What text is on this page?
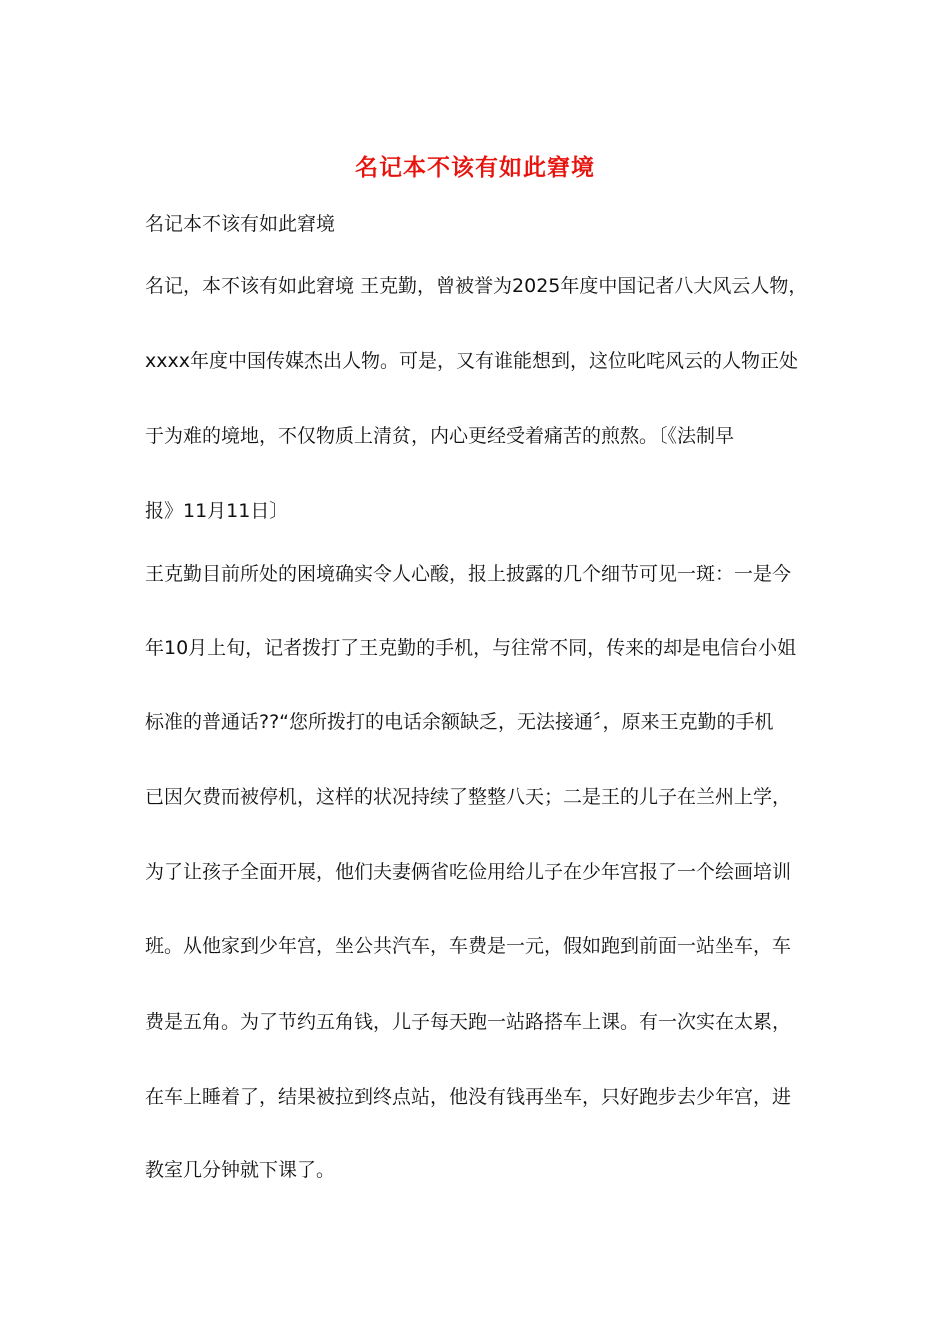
名记本不该有如此窘境
名记本不该有如此窘境
名记，本不该有如此窘境 王克勤，曾被誉为2025年度中国记者八大风云人物，
xxxx年度中国传媒杰出人物。可是，又有谁能想到，这位叱咤风云的人物正处
于为难的境地，不仅物质上清贫，内心更经受着痛苦的煎熬。〔《法制早
报》11月11日〕
王克勤目前所处的困境确实令人心酸，报上披露的几个细节可见一斑：一是今
年10月上旬，记者拨打了王克勤的手机，与往常不同，传来的却是电信台小姐
标准的普通话??“您所拨打的电话余额缺乏，无法接通〞，原来王克勤的手机
已因欠费而被停机，这样的状况持续了整整八天；二是王的儿子在兰州上学，
为了让孩子全面开展，他们夫妻俩省吃俭用给儿子在少年宫报了一个绘画培训
班。从他家到少年宫，坐公共汽车，车费是一元，假如跑到前面一站坐车，车
费是五角。为了节约五角钱，儿子每天跑一站路搭车上课。有一次实在太累，
在车上睡着了，结果被拉到终点站，他没有钱再坐车，只好跑步去少年宫，进
教室几分钟就下课了。
